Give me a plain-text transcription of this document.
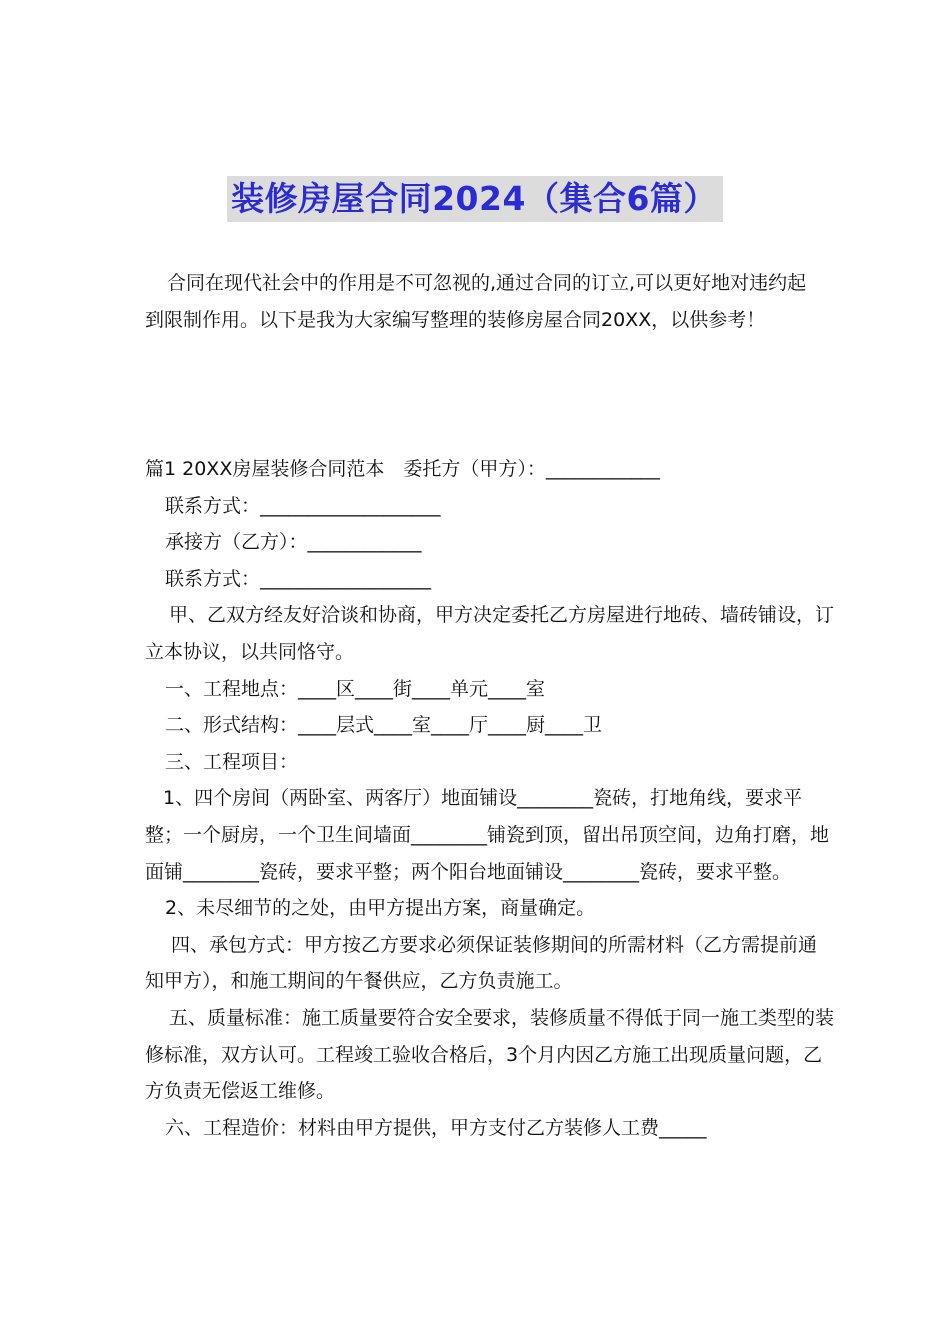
装修房屋合同2024（集合6篇）

合同在现代社会中的作用是不可忽视的,通过合同的订立,可以更好地对违约起到限制作用。以下是我为大家编写整理的装修房屋合同20XX，以供参考！

篇1 20XX房屋装修合同范本　委托方（甲方）：____________

联系方式：___________________

承接方（乙方）：____________

联系方式：__________________

甲、乙双方经友好洽谈和协商，甲方决定委托乙方房屋进行地砖、墙砖铺设，订立本协议，以共同恪守。

一、工程地点：____区____街____单元____室

二、形式结构：____层式____室____厅____厨____卫

三、工程项目：

1、四个房间（两卧室、两客厅）地面铺设________瓷砖，打地角线，要求平整；一个厨房，一个卫生间墙面________铺瓷到顶，留出吊顶空间，边角打磨，地面铺________瓷砖，要求平整；两个阳台地面铺设________瓷砖，要求平整。

2、未尽细节的之处，由甲方提出方案，商量确定。

四、承包方式：甲方按乙方要求必须保证装修期间的所需材料（乙方需提前通知甲方），和施工期间的午餐供应，乙方负责施工。

五、质量标准：施工质量要符合安全要求，装修质量不得低于同一施工类型的装修标准，双方认可。工程竣工验收合格后，3个月内因乙方施工出现质量问题，乙方负责无偿返工维修。

六、工程造价：材料由甲方提供，甲方支付乙方装修人工费_____
